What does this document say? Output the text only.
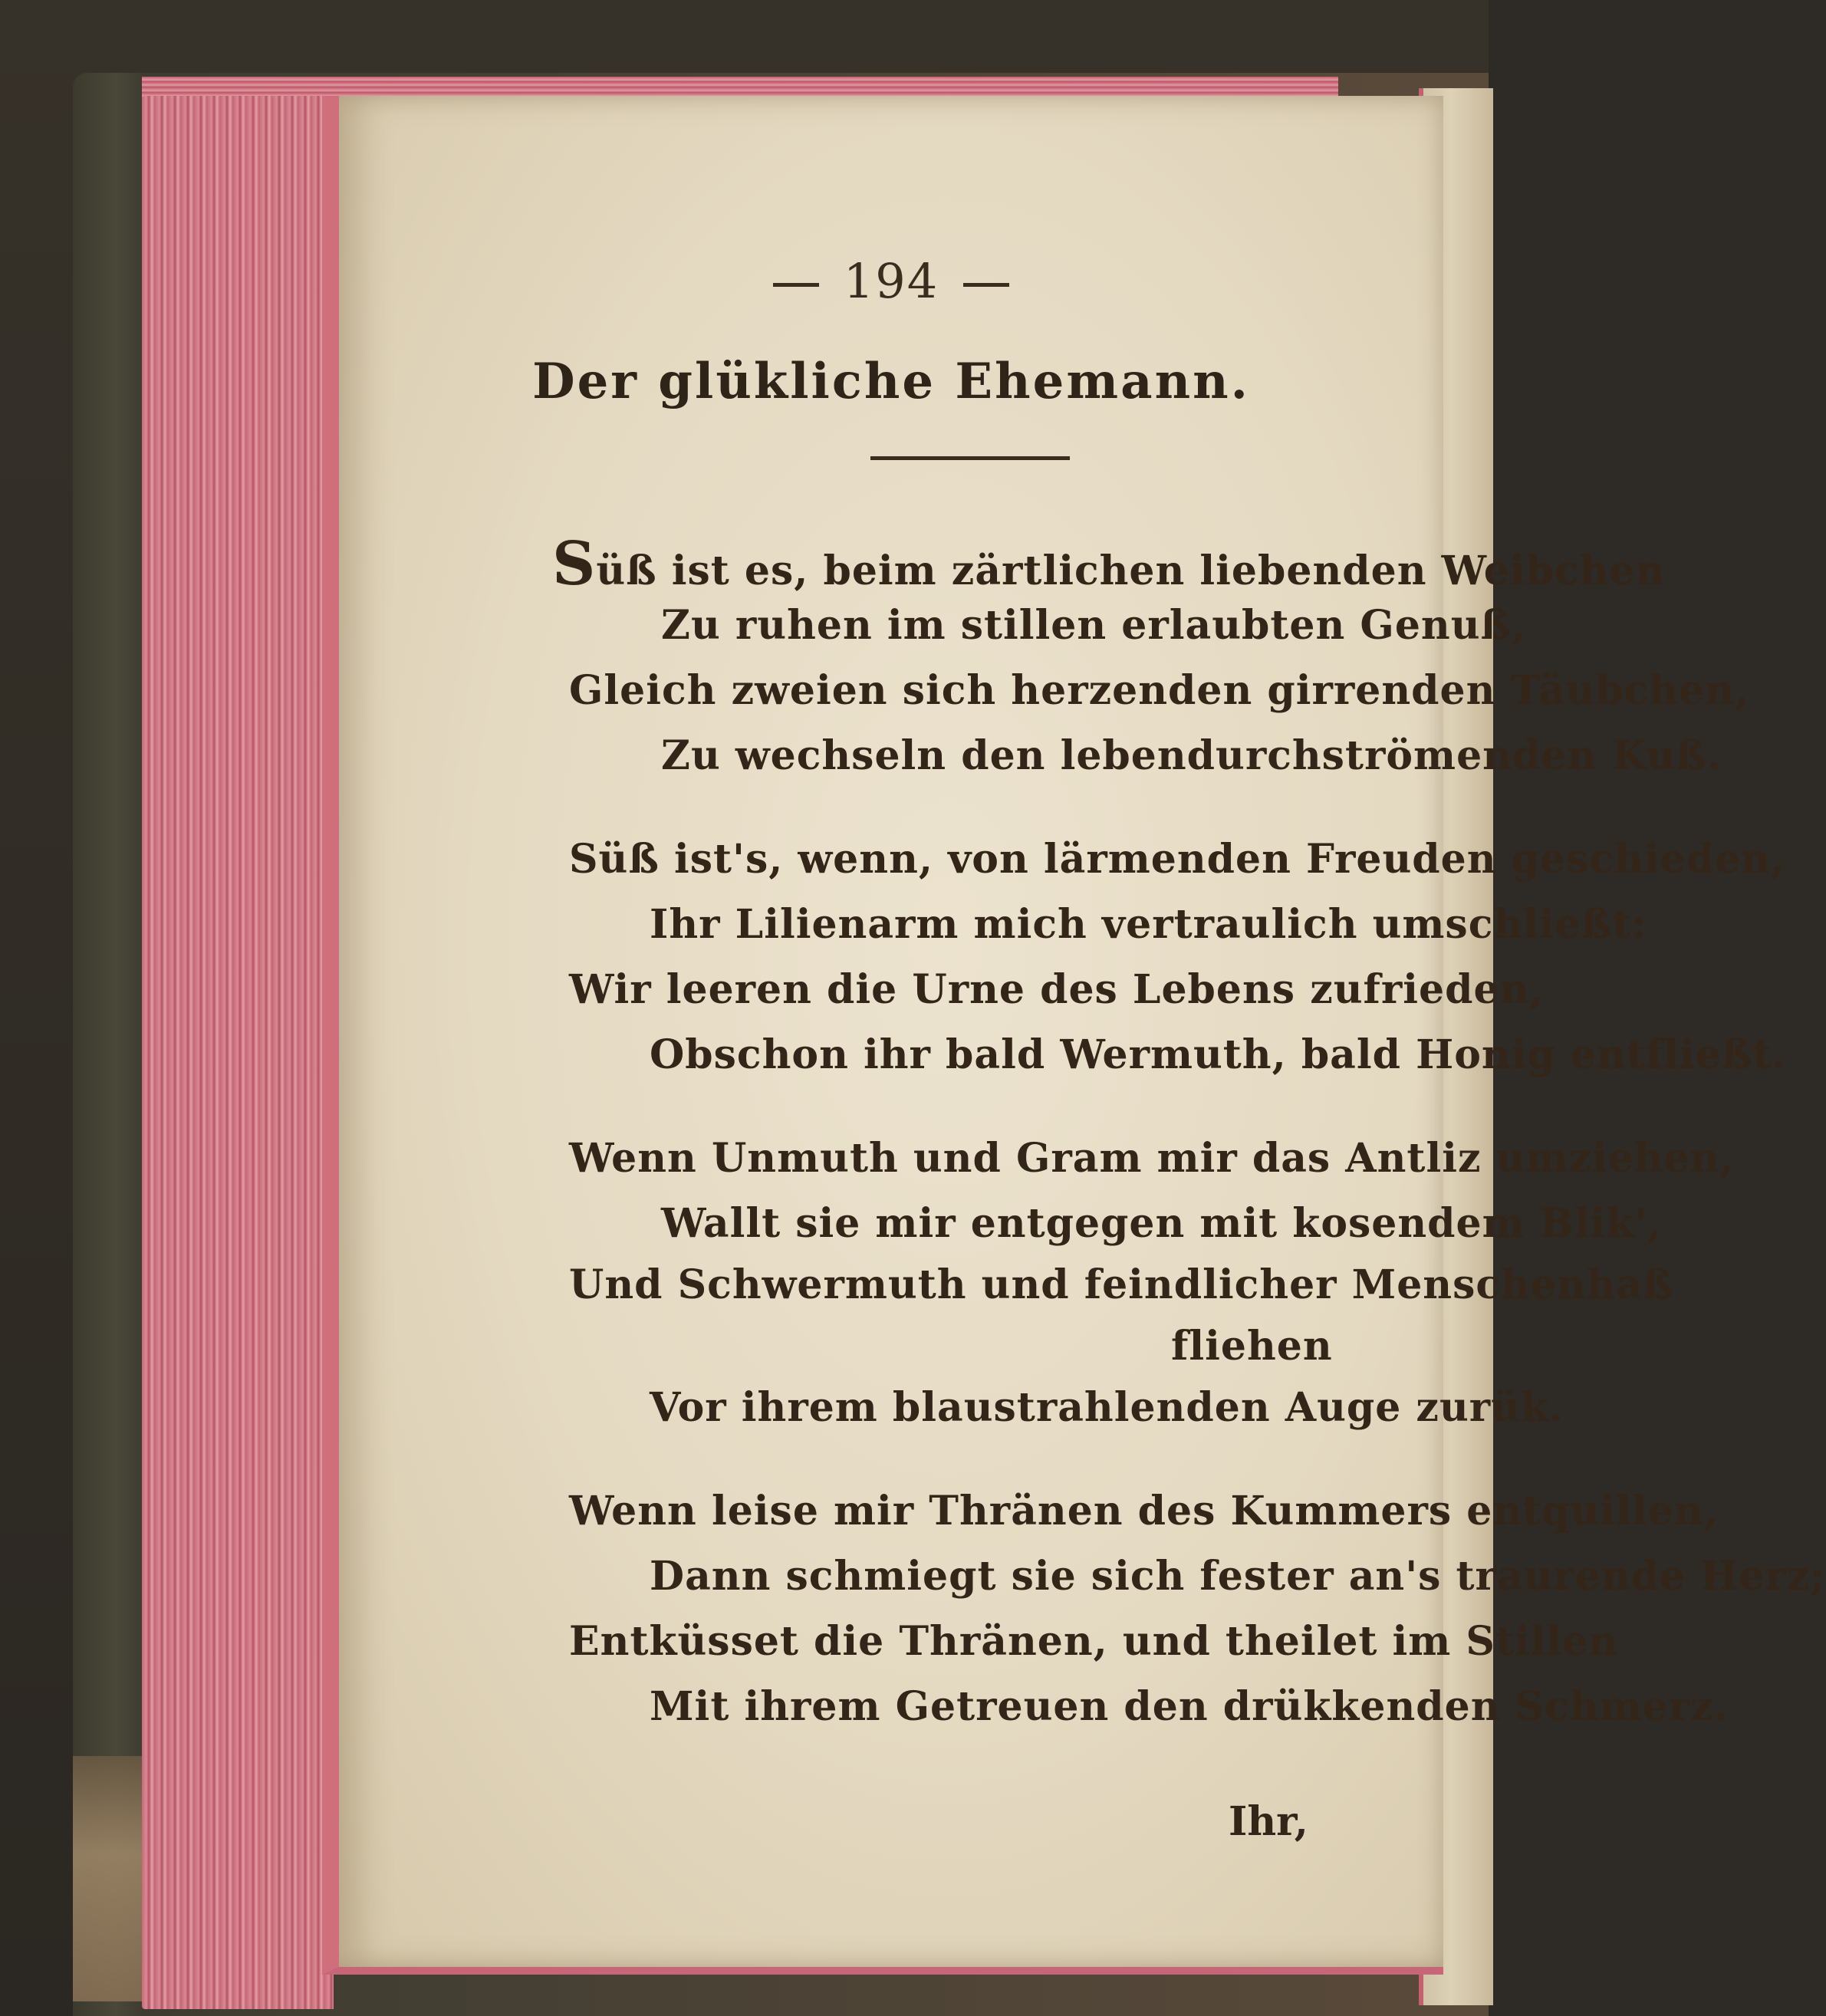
194
Der glükliche Ehemann.
Süß ist es, beim zärtlichen liebenden Weibchen
Zu ruhen im stillen erlaubten Genuß,
Gleich zweien sich herzenden girrenden Täubchen,
Zu wechseln den lebendurchströmenden Kuß.
Süß ist's, wenn, von lärmenden Freuden geschieden,
Ihr Lilienarm mich vertraulich umschließt:
Wir leeren die Urne des Lebens zufrieden,
Obschon ihr bald Wermuth, bald Honig entfließt.
Wenn Unmuth und Gram mir das Antliz umziehen,
Wallt sie mir entgegen mit kosendem Blik',
Und Schwermuth und feindlicher Menschenhaß
fliehen
Vor ihrem blaustrahlenden Auge zurük.
Wenn leise mir Thränen des Kummers entquillen,
Dann schmiegt sie sich fester an's traurende Herz;
Entküsset die Thränen, und theilet im Stillen
Mit ihrem Getreuen den drükkenden Schmerz.
Ihr,
